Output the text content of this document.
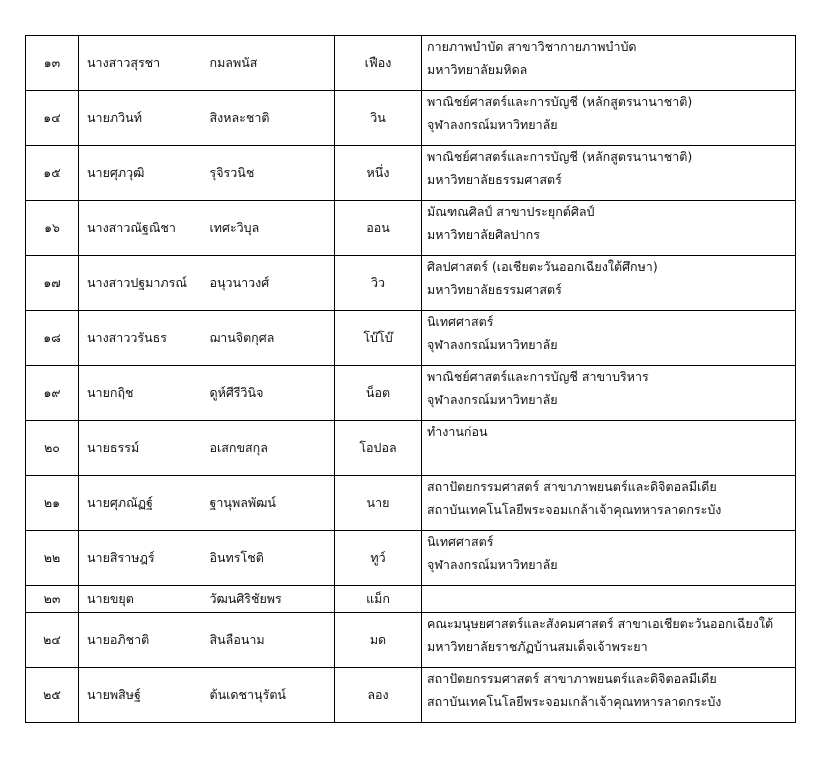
๑๓	นางสาวสุรชา	กมลพนัส	เฟือง	กายภาพบำบัด สาขาวิชากายภาพบำบัด
มหาวิทยาลัยมหิดล

๑๔	นายภวินท์	สิงหละชาติ	วิน	พาณิชย์ศาสตร์และการบัญชี (หลักสูตรนานาชาติ)
จุฬาลงกรณ์มหาวิทยาลัย

๑๕	นายศุภวุฒิ	รุจิรวนิช	หนึ่ง	พาณิชย์ศาสตร์และการบัญชี (หลักสูตรนานาชาติ)
มหาวิทยาลัยธรรมศาสตร์

๑๖	นางสาวณัฐณิชา	เทศะวิบุล	ออน	มัณฑณศิลป์ สาขาประยุกต์ศิลป์
มหาวิทยาลัยศิลปากร

๑๗	นางสาวปฐมาภรณ์	อนุวนาวงศ์	วิว	ศิลปศาสตร์ (เอเชียตะวันออกเฉียงใต้ศึกษา)
มหาวิทยาลัยธรรมศาสตร์

๑๘	นางสาววรันธร	ฌานจิตกุศล	โบ๊โบ๊	นิเทศศาสตร์
จุฬาลงกรณ์มหาวิทยาลัย

๑๙	นายกฤิช	ดูห์ศีรีวินิจ	น็อต	พาณิชย์ศาสตร์และการบัญชี สาขาบริหาร
จุฬาลงกรณ์มหาวิทยาลัย

๒๐	นายธรรม์	อเสกขสกุล	โอปอล	ทำงานก่อน

๒๑	นายศุภณัฏฐ์	ฐานุพลพัฒน์	นาย	สถาปัตยกรรมศาสตร์ สาขาภาพยนตร์และดิจิตอลมีเดีย
สถาบันเทคโนโลยีพระจอมเกล้าเจ้าคุณทหารลาดกระบัง

๒๒	นายสิราษฎร์	อินทรโชติ	ทูว์	นิเทศศาสตร์
จุฬาลงกรณ์มหาวิทยาลัย

๒๓	นายขยุต	วัฒนศิริชัยพร	แม็ก	

๒๔	นายอภิชาติ	สินลือนาม	มด	คณะมนุษยศาสตร์และสังคมศาสตร์ สาขาเอเชียตะวันออกเฉียงใต้
มหาวิทยาลัยราชภัฏบ้านสมเด็จเจ้าพระยา

๒๕	นายพสิษฐ์	ต้นเดชานุรัตน์	ลอง	สถาปัตยกรรมศาสตร์ สาขาภาพยนตร์และดิจิตอลมีเดีย
สถาบันเทคโนโลยีพระจอมเกล้าเจ้าคุณทหารลาดกระบัง
